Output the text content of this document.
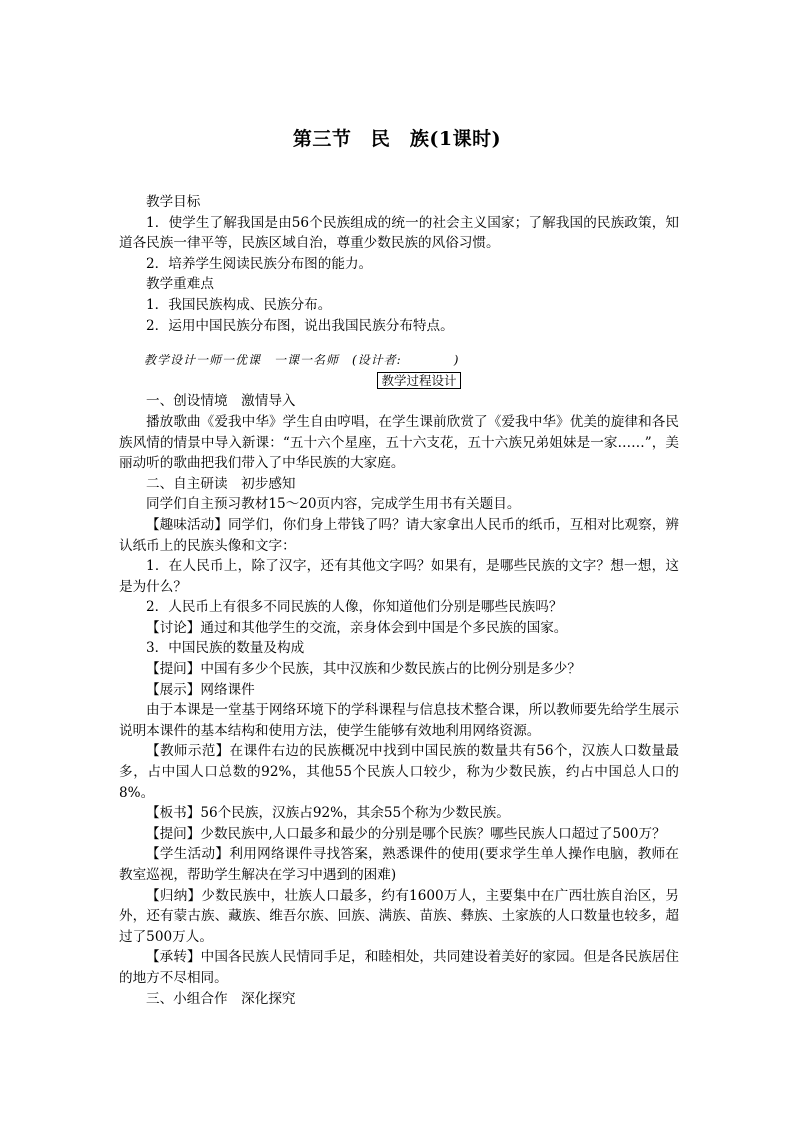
第三节　民　族(1课时)

教学目标

1．使学生了解我国是由56个民族组成的统一的社会主义国家；了解我国的民族政策，知道各民族一律平等，民族区域自治，尊重少数民族的风俗习惯。

2．培养学生阅读民族分布图的能力。

教学重难点

1．我国民族构成、民族分布。

2．运用中国民族分布图，说出我国民族分布特点。

教学设计一师一优课　一课一名师　(设计者:　　　　)

教学过程设计

一、创设情境　激情导入

播放歌曲《爱我中华》学生自由哼唱，在学生课前欣赏了《爱我中华》优美的旋律和各民族风情的情景中导入新课：“五十六个星座，五十六支花，五十六族兄弟姐妹是一家……”，美丽动听的歌曲把我们带入了中华民族的大家庭。

二、自主研读　初步感知

同学们自主预习教材15～20页内容，完成学生用书有关题目。

【趣味活动】同学们，你们身上带钱了吗？请大家拿出人民币的纸币，互相对比观察，辨认纸币上的民族头像和文字：

1．在人民币上，除了汉字，还有其他文字吗？如果有，是哪些民族的文字？想一想，这是为什么？

2．人民币上有很多不同民族的人像，你知道他们分别是哪些民族吗？

【讨论】通过和其他学生的交流，亲身体会到中国是个多民族的国家。

3．中国民族的数量及构成

【提问】中国有多少个民族，其中汉族和少数民族占的比例分别是多少？

【展示】网络课件

由于本课是一堂基于网络环境下的学科课程与信息技术整合课，所以教师要先给学生展示说明本课件的基本结构和使用方法，使学生能够有效地利用网络资源。

【教师示范】在课件右边的民族概况中找到中国民族的数量共有56个，汉族人口数量最多，占中国人口总数的92%，其他55个民族人口较少，称为少数民族，约占中国总人口的8%。

【板书】56个民族，汉族占92%，其余55个称为少数民族。

【提问】少数民族中,人口最多和最少的分别是哪个民族？哪些民族人口超过了500万？

【学生活动】利用网络课件寻找答案，熟悉课件的使用(要求学生单人操作电脑，教师在教室巡视，帮助学生解决在学习中遇到的困难)

【归纳】少数民族中，壮族人口最多，约有1600万人，主要集中在广西壮族自治区，另外，还有蒙古族、藏族、维吾尔族、回族、满族、苗族、彝族、土家族的人口数量也较多，超过了500万人。

【承转】中国各民族人民情同手足，和睦相处，共同建设着美好的家园。但是各民族居住的地方不尽相同。

三、小组合作　深化探究
